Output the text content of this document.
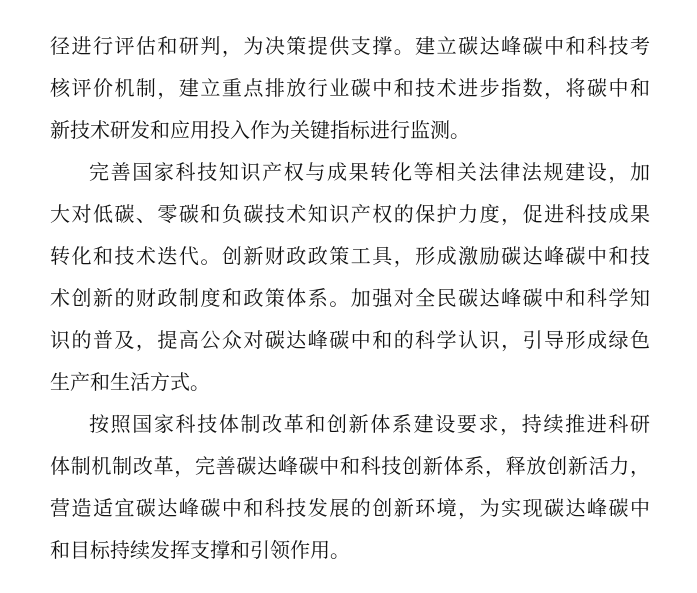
径进行评估和研判，为决策提供支撑。建立碳达峰碳中和科技考
核评价机制，建立重点排放行业碳中和技术进步指数，将碳中和
新技术研发和应用投入作为关键指标进行监测。
完善国家科技知识产权与成果转化等相关法律法规建设，加
大对低碳、零碳和负碳技术知识产权的保护力度，促进科技成果
转化和技术迭代。创新财政政策工具，形成激励碳达峰碳中和技
术创新的财政制度和政策体系。加强对全民碳达峰碳中和科学知
识的普及，提高公众对碳达峰碳中和的科学认识，引导形成绿色
生产和生活方式。
按照国家科技体制改革和创新体系建设要求，持续推进科研
体制机制改革，完善碳达峰碳中和科技创新体系，释放创新活力，
营造适宜碳达峰碳中和科技发展的创新环境，为实现碳达峰碳中
和目标持续发挥支撑和引领作用。
